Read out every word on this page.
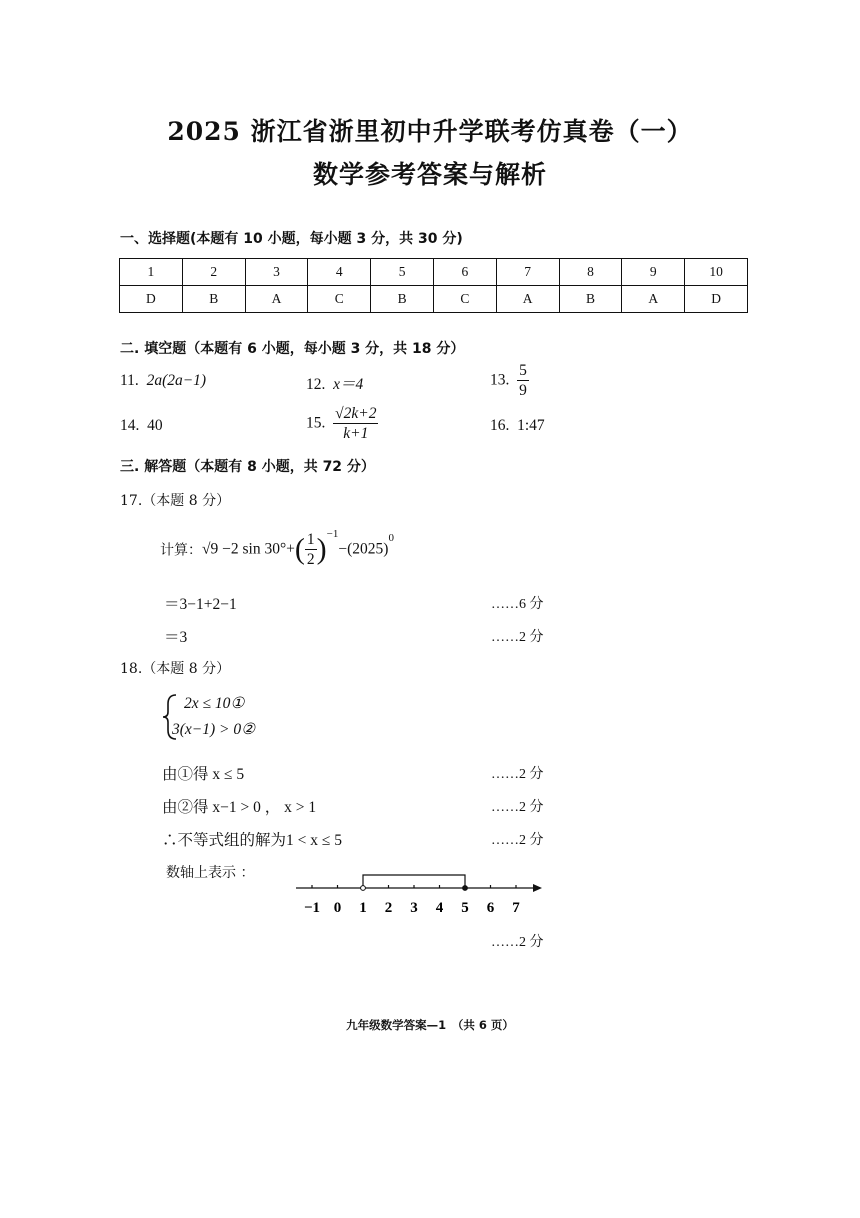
2025 浙江省浙里初中升学联考仿真卷（一）
数学参考答案与解析
一、选择题(本题有 10 小题，每小题 3 分，共 30 分)
1	2	3	4	5	6	7	8	9	10
D	B	A	C	B	C	A	B	A	D
二. 填空题（本题有 6 小题，每小题 3 分，共 18 分）
11. 2a(2a−1)	12. x＝4	13. $\frac{5}{9}$
14. 40	15. $\frac{√2k+2}{k+1}$	16. 1:47
三. 解答题（本题有 8 小题，共 72 分）
17.（本题 8 分）
计算：√9 −2 $\sin 30^\circ+( \frac{1}{2} )^{-1}-(2025)^0$
＝3−1+2−1	……6 分
＝3	……2 分
18.（本题 8 分）
2x ≤ 10①
3(x−1) > 0②
由①得 x ≤ 5	……2 分
由②得 x−1 > 0 ， x > 1	……2 分
∴不等式组的解为1 < x ≤ 5	……2 分
数轴上表示 ：
−1 0 1 2 3 4 5 6 7
……2 分
九年级数学答案—1　（共 6 页）
